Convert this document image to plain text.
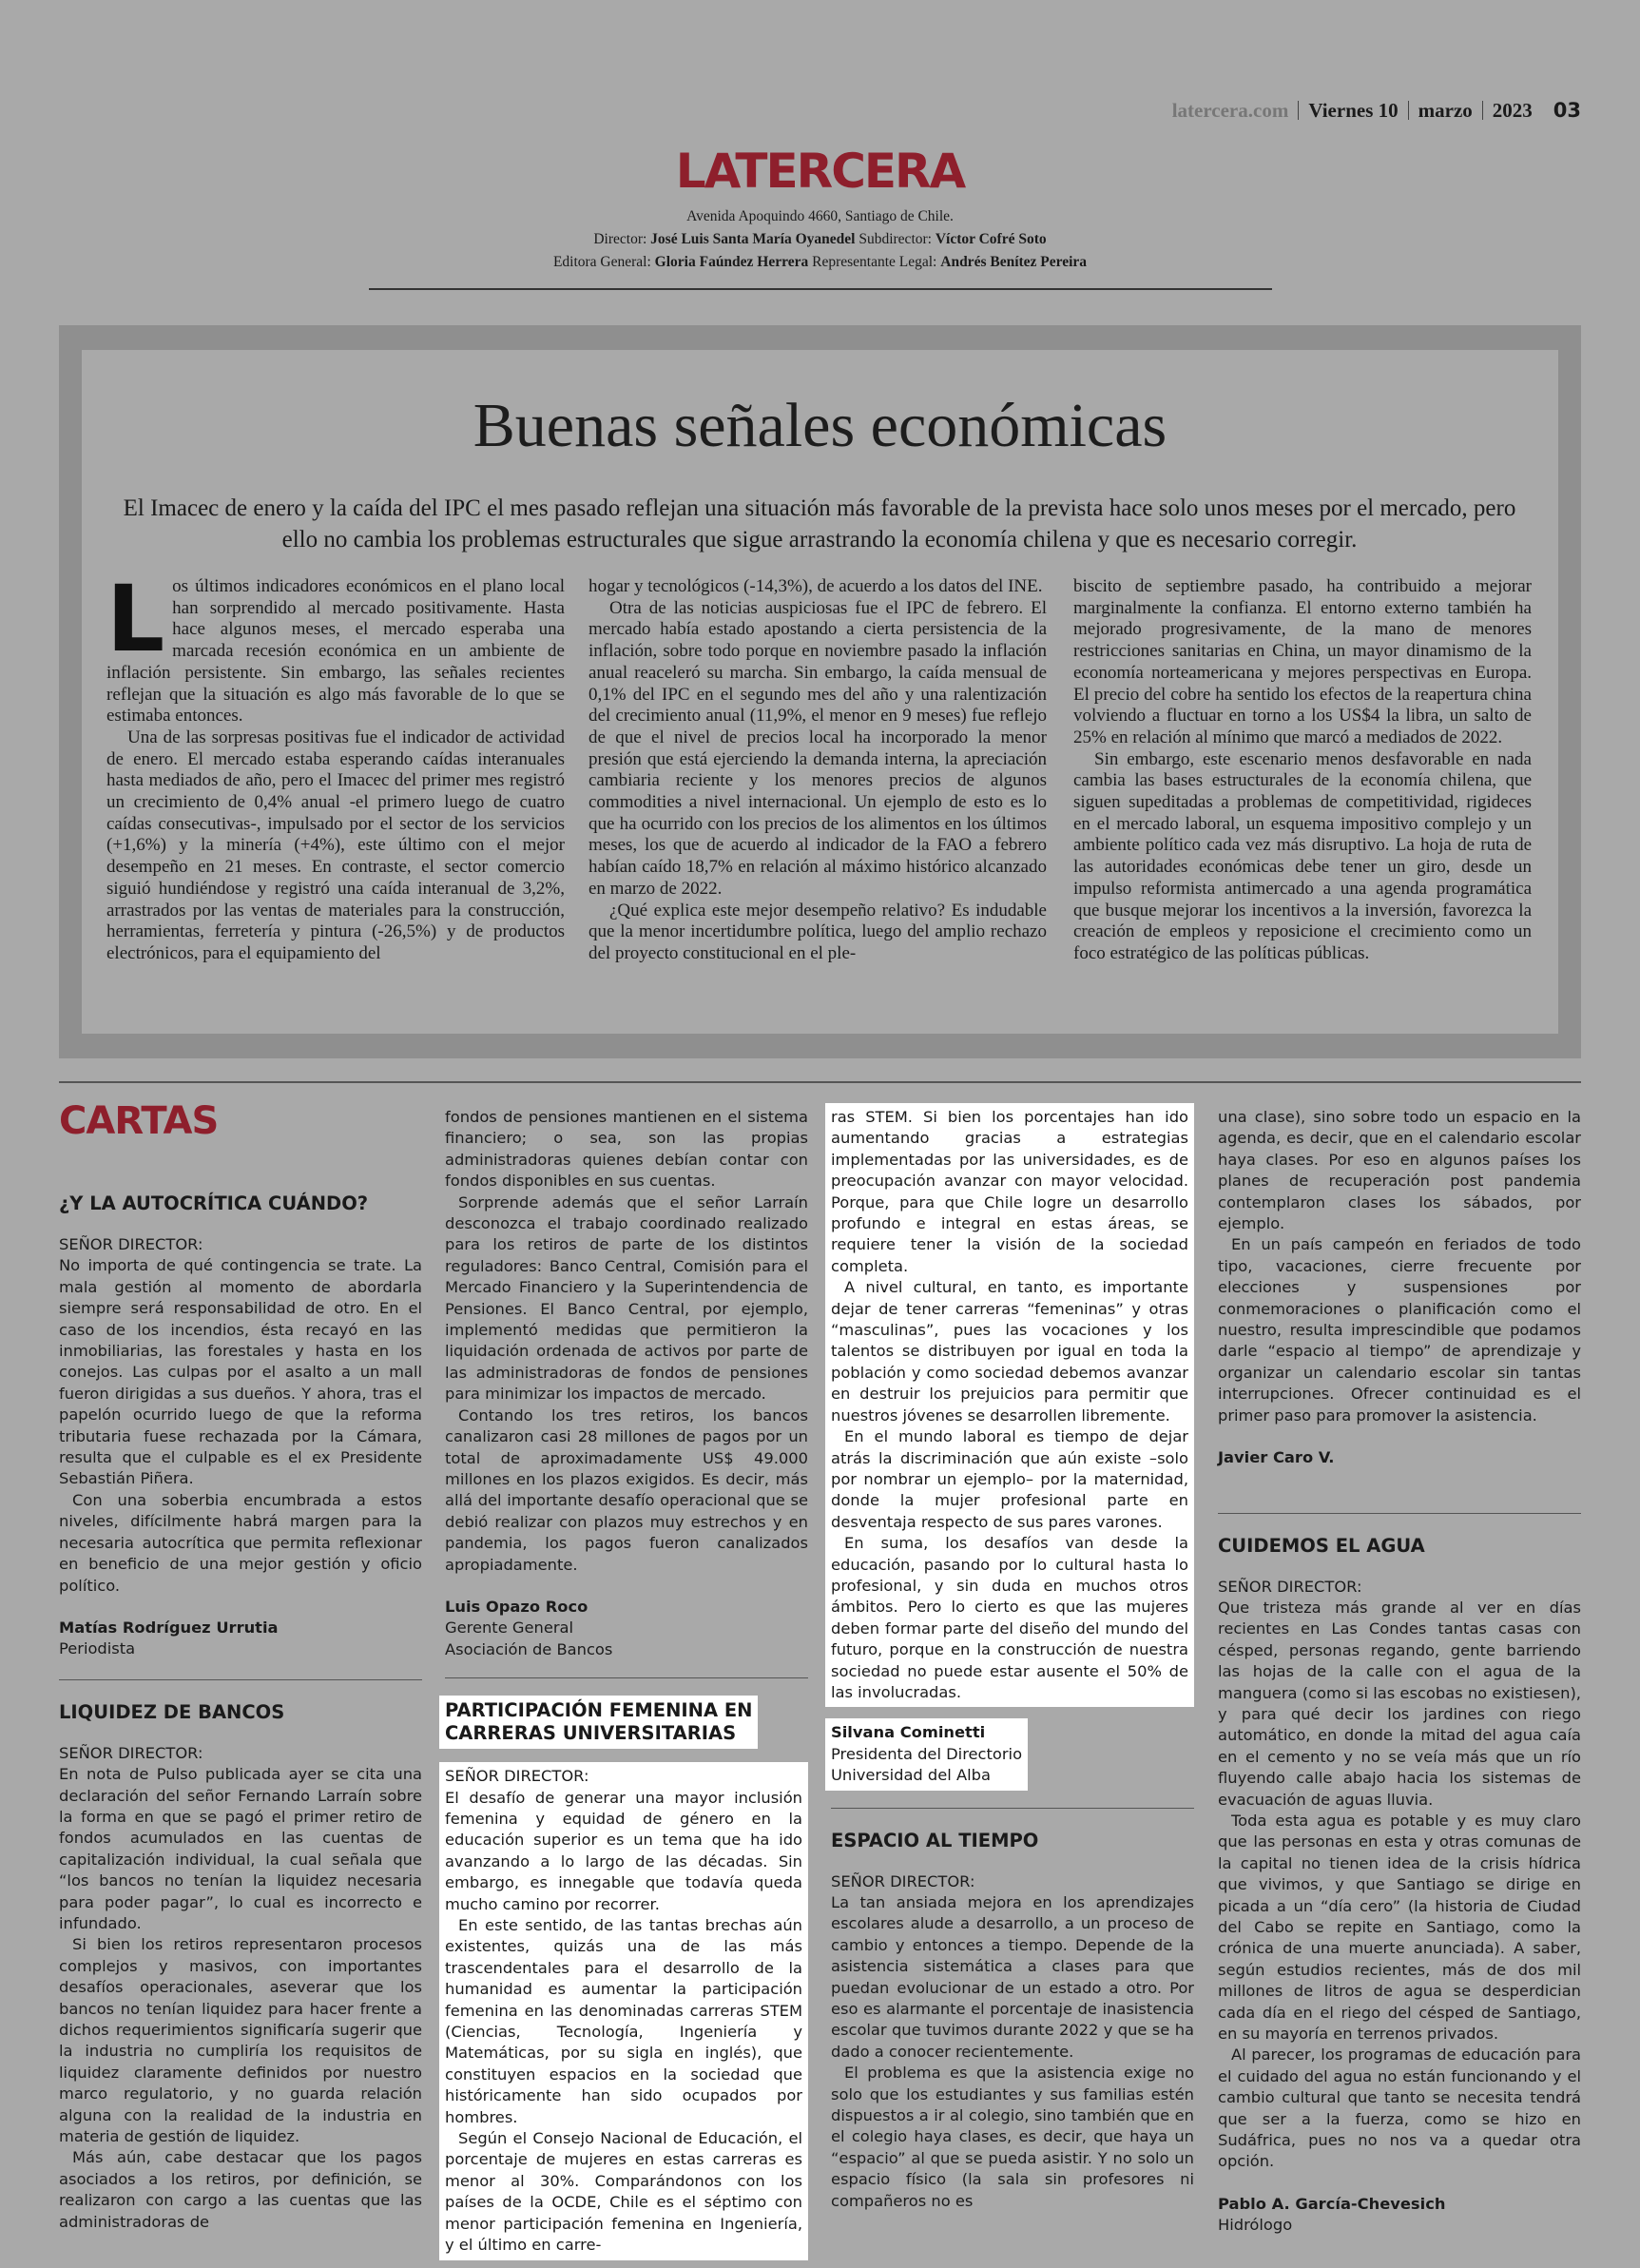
latercera.com Viernes 10 marzo 2023 03
LATERCERA
Avenida Apoquindo 4660, Santiago de Chile.
Director: José Luis Santa María Oyanedel Subdirector: Víctor Cofré Soto
Editora General: Gloria Faúndez Herrera Representante Legal: Andrés Benítez Pereira
Buenas señales económicas
El Imacec de enero y la caída del IPC el mes pasado reflejan una situación más favorable de la prevista hace solo unos meses por el mercado, pero ello no cambia los problemas estructurales que sigue arrastrando la economía chilena y que es necesario corregir.

Los últimos indicadores económicos en el plano local han sorprendido al mercado positivamente. Hasta hace algunos meses, el mercado esperaba una marcada recesión económica en un ambiente de inflación persistente. Sin embargo, las señales recientes reflejan que la situación es algo más favorable de lo que se estimaba entonces.

Una de las sorpresas positivas fue el indicador de actividad de enero. El mercado estaba esperando caídas interanuales hasta mediados de año, pero el Imacec del primer mes registró un crecimiento de 0,4% anual -el primero luego de cuatro caídas consecutivas-, impulsado por el sector de los servicios (+1,6%) y la minería (+4%), este último con el mejor desempeño en 21 meses. En contraste, el sector comercio siguió hundiéndose y registró una caída interanual de 3,2%, arrastrados por las ventas de materiales para la construcción, herramientas, ferretería y pintura (-26,5%) y de productos electrónicos, para el equipamiento del

hogar y tecnológicos (-14,3%), de acuerdo a los datos del INE.

Otra de las noticias auspiciosas fue el IPC de febrero. El mercado había estado apostando a cierta persistencia de la inflación, sobre todo porque en noviembre pasado la inflación anual reaceleró su marcha. Sin embargo, la caída mensual de 0,1% del IPC en el segundo mes del año y una ralentización del crecimiento anual (11,9%, el menor en 9 meses) fue reflejo de que el nivel de precios local ha incorporado la menor presión que está ejerciendo la demanda interna, la apreciación cambiaria reciente y los menores precios de algunos commodities a nivel internacional. Un ejemplo de esto es lo que ha ocurrido con los precios de los alimentos en los últimos meses, los que de acuerdo al indicador de la FAO a febrero habían caído 18,7% en relación al máximo histórico alcanzado en marzo de 2022.

¿Qué explica este mejor desempeño relativo? Es indudable que la menor incertidumbre política, luego del amplio rechazo del proyecto constitucional en el ple-

biscito de septiembre pasado, ha contribuido a mejorar marginalmente la confianza. El entorno externo también ha mejorado progresivamente, de la mano de menores restricciones sanitarias en China, un mayor dinamismo de la economía norteamericana y mejores perspectivas en Europa. El precio del cobre ha sentido los efectos de la reapertura china volviendo a fluctuar en torno a los US$4 la libra, un salto de 25% en relación al mínimo que marcó a mediados de 2022.

Sin embargo, este escenario menos desfavorable en nada cambia las bases estructurales de la economía chilena, que siguen supeditadas a problemas de competitividad, rigideces en el mercado laboral, un esquema impositivo complejo y un ambiente político cada vez más disruptivo. La hoja de ruta de las autoridades económicas debe tener un giro, desde un impulso reformista antimercado a una agenda programática que busque mejorar los incentivos a la inversión, favorezca la creación de empleos y reposicione el crecimiento como un foco estratégico de las políticas públicas.

CARTAS

¿Y LA AUTOCRÍTICA CUÁNDO?

SEÑOR DIRECTOR:

No importa de qué contingencia se trate. La mala gestión al momento de abordarla siempre será responsabilidad de otro. En el caso de los incendios, ésta recayó en las inmobiliarias, las forestales y hasta en los conejos. Las culpas por el asalto a un mall fueron dirigidas a sus dueños. Y ahora, tras el papelón ocurrido luego de que la reforma tributaria fuese rechazada por la Cámara, resulta que el culpable es el ex Presidente Sebastián Piñera.

Con una soberbia encumbrada a estos niveles, difícilmente habrá margen para la necesaria autocrítica que permita reflexionar en beneficio de una mejor gestión y oficio político.

Matías Rodríguez Urrutia

Periodista

LIQUIDEZ DE BANCOS

SEÑOR DIRECTOR:

En nota de Pulso publicada ayer se cita una declaración del señor Fernando Larraín sobre la forma en que se pagó el primer retiro de fondos acumulados en las cuentas de capitalización individual, la cual señala que “los bancos no tenían la liquidez necesaria para poder pagar”, lo cual es incorrecto e infundado.

Si bien los retiros representaron procesos complejos y masivos, con importantes desafíos operacionales, aseverar que los bancos no tenían liquidez para hacer frente a dichos requerimientos significaría sugerir que la industria no cumpliría los requisitos de liquidez claramente definidos por nuestro marco regulatorio, y no guarda relación alguna con la realidad de la industria en materia de gestión de liquidez.

Más aún, cabe destacar que los pagos asociados a los retiros, por definición, se realizaron con cargo a las cuentas que las administradoras de

fondos de pensiones mantienen en el sistema financiero; o sea, son las propias administradoras quienes debían contar con fondos disponibles en sus cuentas.

Sorprende además que el señor Larraín desconozca el trabajo coordinado realizado para los retiros de parte de los distintos reguladores: Banco Central, Comisión para el Mercado Financiero y la Superintendencia de Pensiones. El Banco Central, por ejemplo, implementó medidas que permitieron la liquidación ordenada de activos por parte de las administradoras de fondos de pensiones para minimizar los impactos de mercado.

Contando los tres retiros, los bancos canalizaron casi 28 millones de pagos por un total de aproximadamente US$ 49.000 millones en los plazos exigidos. Es decir, más allá del importante desafío operacional que se debió realizar con plazos muy estrechos y en pandemia, los pagos fueron canalizados apropiadamente.

Luis Opazo Roco

Gerente General

Asociación de Bancos

PARTICIPACIÓN FEMENINA EN

CARRERAS UNIVERSITARIAS

SEÑOR DIRECTOR:

El desafío de generar una mayor inclusión femenina y equidad de género en la educación superior es un tema que ha ido avanzando a lo largo de las décadas. Sin embargo, es innegable que todavía queda mucho camino por recorrer.

En este sentido, de las tantas brechas aún existentes, quizás una de las más trascendentales para el desarrollo de la humanidad es aumentar la participación femenina en las denominadas carreras STEM (Ciencias, Tecnología, Ingeniería y Matemáticas, por su sigla en inglés), que constituyen espacios en la sociedad que históricamente han sido ocupados por hombres.

Según el Consejo Nacional de Educación, el porcentaje de mujeres en estas carreras es menor al 30%. Comparándonos con los países de la OCDE, Chile es el séptimo con menor participación femenina en Ingeniería, y el último en carre-

ras STEM. Si bien los porcentajes han ido aumentando gracias a estrategias implementadas por las universidades, es de preocupación avanzar con mayor velocidad. Porque, para que Chile logre un desarrollo profundo e integral en estas áreas, se requiere tener la visión de la sociedad completa.

A nivel cultural, en tanto, es importante dejar de tener carreras “femeninas” y otras “masculinas”, pues las vocaciones y los talentos se distribuyen por igual en toda la población y como sociedad debemos avanzar en destruir los prejuicios para permitir que nuestros jóvenes se desarrollen libremente.

En el mundo laboral es tiempo de dejar atrás la discriminación que aún existe –solo por nombrar un ejemplo– por la maternidad, donde la mujer profesional parte en desventaja respecto de sus pares varones.

En suma, los desafíos van desde la educación, pasando por lo cultural hasta lo profesional, y sin duda en muchos otros ámbitos. Pero lo cierto es que las mujeres deben formar parte del diseño del mundo del futuro, porque en la construcción de nuestra sociedad no puede estar ausente el 50% de las involucradas.

Silvana Cominetti

Presidenta del Directorio

Universidad del Alba

ESPACIO AL TIEMPO

SEÑOR DIRECTOR:

La tan ansiada mejora en los aprendizajes escolares alude a desarrollo, a un proceso de cambio y entonces a tiempo. Depende de la asistencia sistemática a clases para que puedan evolucionar de un estado a otro. Por eso es alarmante el porcentaje de inasistencia escolar que tuvimos durante 2022 y que se ha dado a conocer recientemente.

El problema es que la asistencia exige no solo que los estudiantes y sus familias estén dispuestos a ir al colegio, sino también que en el colegio haya clases, es decir, que haya un “espacio” al que se pueda asistir. Y no solo un espacio físico (la sala sin profesores ni compañeros no es

una clase), sino sobre todo un espacio en la agenda, es decir, que en el calendario escolar haya clases. Por eso en algunos países los planes de recuperación post pandemia contemplaron clases los sábados, por ejemplo.

En un país campeón en feriados de todo tipo, vacaciones, cierre frecuente por elecciones y suspensiones por conmemoraciones o planificación como el nuestro, resulta imprescindible que podamos darle “espacio al tiempo” de aprendizaje y organizar un calendario escolar sin tantas interrupciones. Ofrecer continuidad es el primer paso para promover la asistencia.

Javier Caro V.

CUIDEMOS EL AGUA

SEÑOR DIRECTOR:

Que tristeza más grande al ver en días recientes en Las Condes tantas casas con césped, personas regando, gente barriendo las hojas de la calle con el agua de la manguera (como si las escobas no existiesen), y para qué decir los jardines con riego automático, en donde la mitad del agua caía en el cemento y no se veía más que un río fluyendo calle abajo hacia los sistemas de evacuación de aguas lluvia.

Toda esta agua es potable y es muy claro que las personas en esta y otras comunas de la capital no tienen idea de la crisis hídrica que vivimos, y que Santiago se dirige en picada a un “día cero” (la historia de Ciudad del Cabo se repite en Santiago, como la crónica de una muerte anunciada). A saber, según estudios recientes, más de dos mil millones de litros de agua se desperdician cada día en el riego del césped de Santiago, en su mayoría en terrenos privados.

Al parecer, los programas de educación para el cuidado del agua no están funcionando y el cambio cultural que tanto se necesita tendrá que ser a la fuerza, como se hizo en Sudáfrica, pues no nos va a quedar otra opción.

Pablo A. García-Chevesich

Hidrólogo
